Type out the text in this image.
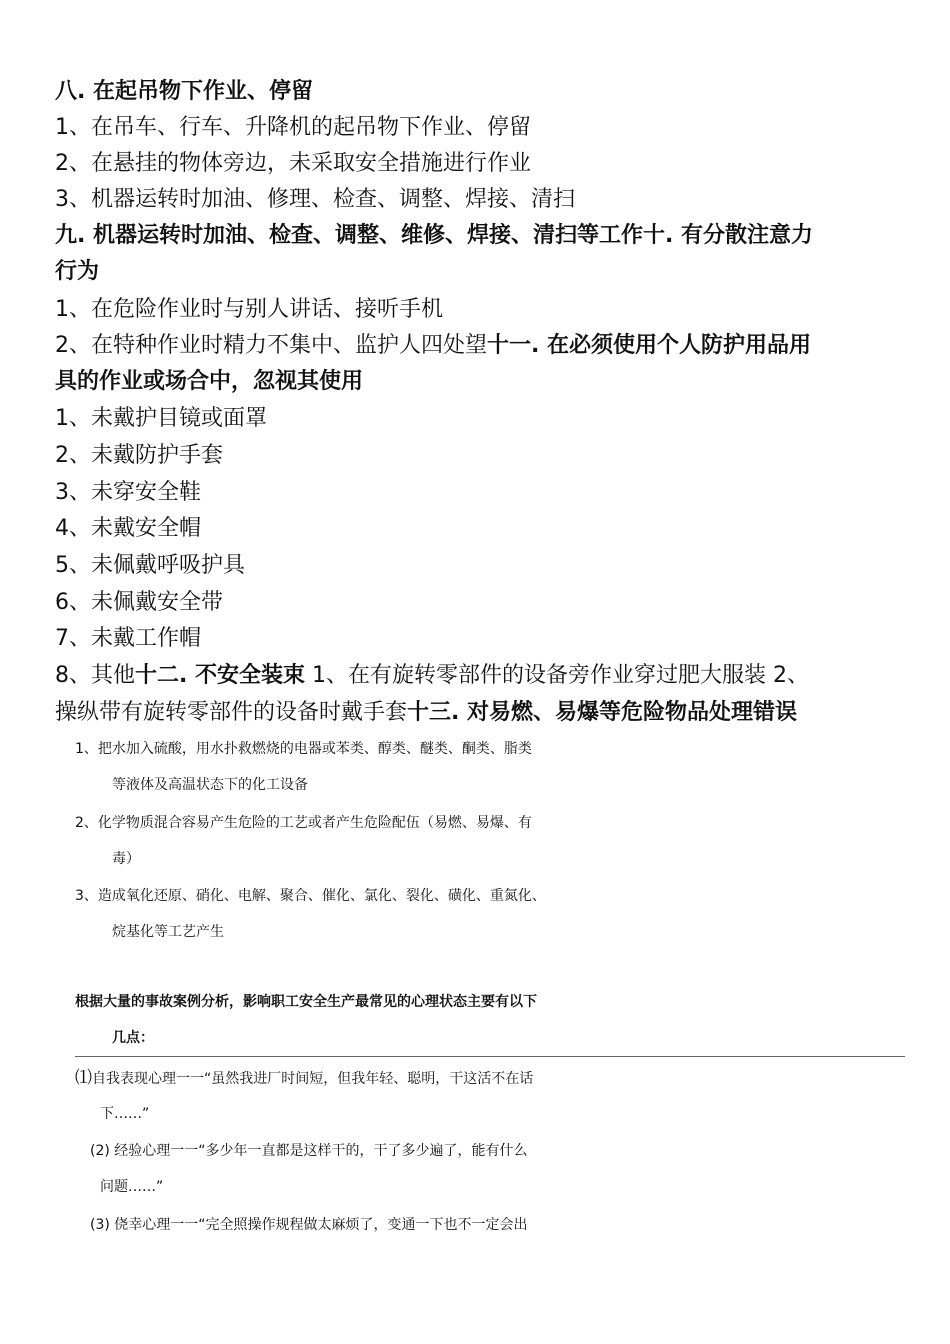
八. 在起吊物下作业、停留
1、在吊车、行车、升降机的起吊物下作业、停留
2、在悬挂的物体旁边，未采取安全措施进行作业
3、机器运转时加油、修理、检查、调整、焊接、清扫
九. 机器运转时加油、检查、调整、维修、焊接、清扫等工作十. 有分散注意力
行为
1、在危险作业时与别人讲话、接听手机
2、在特种作业时精力不集中、监护人四处望十一. 在必须使用个人防护用品用
具的作业或场合中，忽视其使用
1、未戴护目镜或面罩
2、未戴防护手套
3、未穿安全鞋
4、未戴安全帽
5、未佩戴呼吸护具
6、未佩戴安全带
7、未戴工作帽
8、其他十二. 不安全装束 1、在有旋转零部件的设备旁作业穿过肥大服装 2、
操纵带有旋转零部件的设备时戴手套十三. 对易燃、易爆等危险物品处理错误
1、把水加入硫酸，用水扑救燃烧的电器或苯类、醇类、醚类、酮类、脂类
等液体及高温状态下的化工设备
2、化学物质混合容易产生危险的工艺或者产生危险配伍（易燃、易爆、有
毒）
3、造成氧化还原、硝化、电解、聚合、催化、氯化、裂化、磺化、重氮化、
烷基化等工艺产生
根据大量的事故案例分析，影响职工安全生产最常见的心理状态主要有以下
几点：
⑴自我表现心理一一“虽然我进厂时间短，但我年轻、聪明，干这活不在话
下……”
(2) 经验心理一一“多少年一直都是这样干的，干了多少遍了，能有什么
问题……”
(3) 侥幸心理一一“完全照操作规程做太麻烦了，变通一下也不一定会出
